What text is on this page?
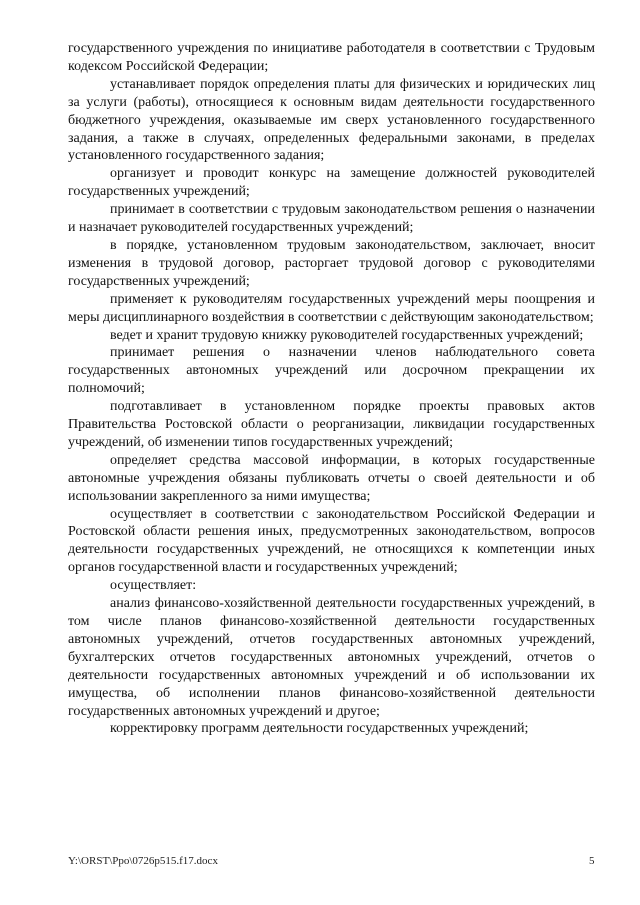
государственного учреждения по инициативе работодателя в соответствии с Трудовым кодексом Российской Федерации;

устанавливает порядок определения платы для физических и юридических лиц за услуги (работы), относящиеся к основным видам деятельности государственного бюджетного учреждения, оказываемые им сверх установленного государственного задания, а также в случаях, определенных федеральными законами, в пределах установленного государственного задания;

организует и проводит конкурс на замещение должностей руководителей государственных учреждений;

принимает в соответствии с трудовым законодательством решения о назначении и назначает руководителей государственных учреждений;

в порядке, установленном трудовым законодательством, заключает, вносит изменения в трудовой договор, расторгает трудовой договор с руководителями государственных учреждений;

применяет к руководителям государственных учреждений меры поощрения и меры дисциплинарного воздействия в соответствии с действующим законодательством;

ведет и хранит трудовую книжку руководителей государственных учреждений;

принимает решения о назначении членов наблюдательного совета государственных автономных учреждений или досрочном прекращении их полномочий;

подготавливает в установленном порядке проекты правовых актов Правительства Ростовской области о реорганизации, ликвидации государственных учреждений, об изменении типов государственных учреждений;

определяет средства массовой информации, в которых государственные автономные учреждения обязаны публиковать отчеты о своей деятельности и об использовании закрепленного за ними имущества;

осуществляет в соответствии с законодательством Российской Федерации и Ростовской области решения иных, предусмотренных законодательством, вопросов деятельности государственных учреждений, не относящихся к компетенции иных органов государственной власти и государственных учреждений;

осуществляет:

анализ финансово-хозяйственной деятельности государственных учреждений, в том числе планов финансово-хозяйственной деятельности государственных автономных учреждений, отчетов государственных автономных учреждений, бухгалтерских отчетов государственных автономных учреждений, отчетов о деятельности государственных автономных учреждений и об использовании их имущества, об исполнении планов финансово-хозяйственной деятельности государственных автономных учреждений и другое;

корректировку программ деятельности государственных учреждений;

Y:\ORST\Ppo\0726p515.f17.docx	5
